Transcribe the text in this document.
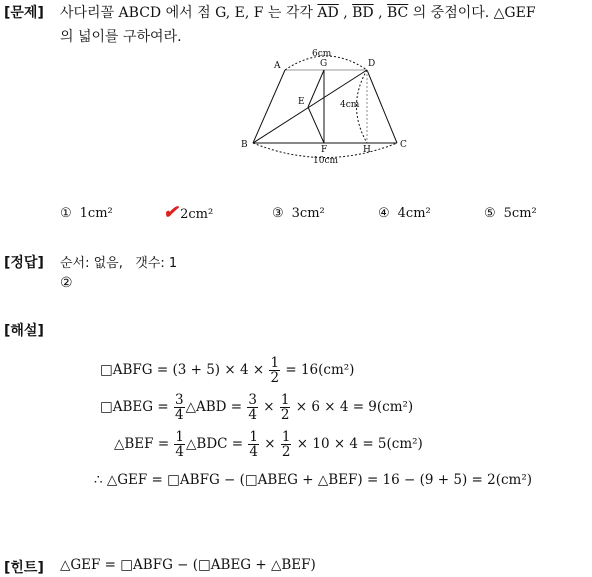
[문제] 사다리꼴 ABCD 에서 점 G, E, F 는 각각 $\overline{AD}$ , $\overline{BD}$ , $\overline{BC}$ 의 중점이다. △GEF
의 넓이를 구하여라.
A	G	D
E
B	F	H	C
6cm
4cm
10cm
① 1cm²	✔ 2cm²	③ 3cm²	④ 4cm²	⑤ 5cm²
[정답] 순서: 없음,   갯수: 1
②
[해설]
□ABFG = $(3 + 5) \times 4 \times \frac{1}{2} = 16(cm^2)$
□ABEG = $\frac{3}{4}$ △ABD = $\frac{3}{4} \times \frac{1}{2} \times 6 \times 4 = 9(cm^2)$
△BEF = $\frac{1}{4}$ △BDC = $\frac{1}{4} \times \frac{1}{2} \times 10 \times 4 = 5(cm^2)$
∴ △GEF = □ABFG − (□ABEG + △BEF) = 16 − (9 + 5) = 2(cm²)
[힌트] △GEF = □ABFG − (□ABEG + △BEF)
